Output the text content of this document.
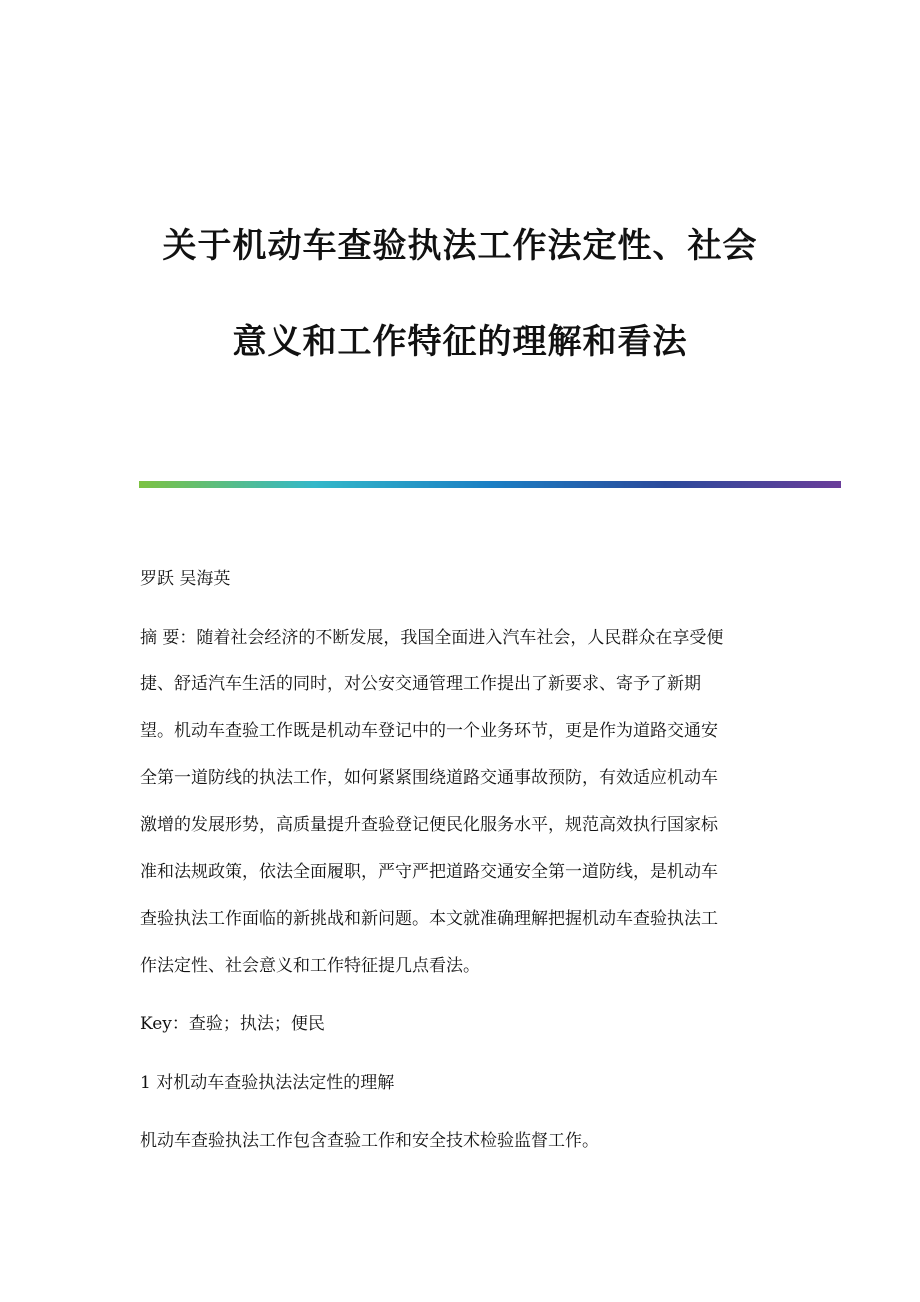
关于机动车查验执法工作法定性、社会
意义和工作特征的理解和看法
罗跃 吴海英
摘 要：随着社会经济的不断发展，我国全面进入汽车社会，人民群众在享受便
捷、舒适汽车生活的同时，对公安交通管理工作提出了新要求、寄予了新期
望。机动车查验工作既是机动车登记中的一个业务环节，更是作为道路交通安
全第一道防线的执法工作，如何紧紧围绕道路交通事故预防，有效适应机动车
激增的发展形势，高质量提升查验登记便民化服务水平，规范高效执行国家标
准和法规政策，依法全面履职，严守严把道路交通安全第一道防线，是机动车
查验执法工作面临的新挑战和新问题。本文就准确理解把握机动车查验执法工
作法定性、社会意义和工作特征提几点看法。
Key：查验；执法；便民
1 对机动车查验执法法定性的理解
机动车查验执法工作包含查验工作和安全技术检验监督工作。
